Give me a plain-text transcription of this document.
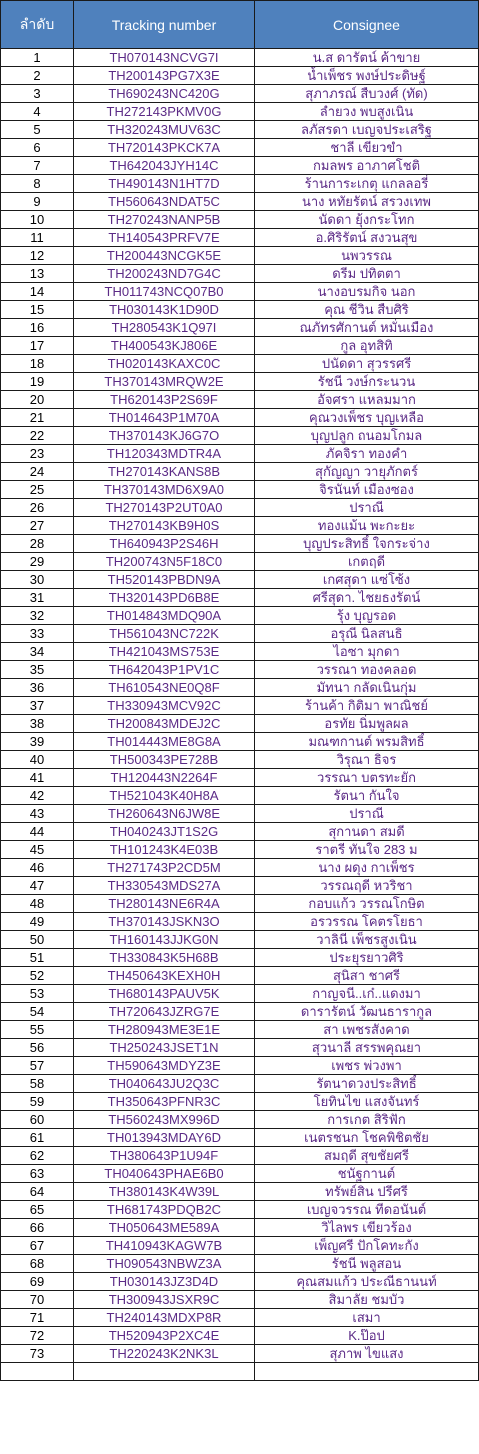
ลำดับ	Tracking number	Consignee
1	TH070143NCVG7I	น.ส ดารัตน์ ค้าขาย
2	TH200143PG7X3E	น้ำเพ็ชร พงษ์ประดิษฐ์
3	TH690243NC420G	สุภาภรณ์ สืบวงศ์ (ทัด)
4	TH272143PKMV0G	ลำยวง พบสูงเนิน
5	TH320243MUV63C	ลภัสรดา เบญจประเสริฐ
6	TH720143PKCK7A	ชาลี เขียวขำ
7	TH642043JYH14C	กมลพร อาภาศโชติ
8	TH490143N1HT7D	ร้านการะเกตุ แกลลอรี่
9	TH560643NDAT5C	นาง หทัยรัตน์ สรวงเทพ
10	TH270243NANP5B	นัดดา ยุ้งกระโทก
11	TH140543PRFV7E	อ.ศิริรัตน์ สงวนสุข
12	TH200443NCGK5E	นพวรรณ
13	TH200243ND7G4C	ดรีม ปทิตตา
14	TH011743NCQ07B0	นางอบรมกิจ นอก
15	TH030143K1D90D	คุณ ชีวิน สืบศิริ
16	TH280543K1Q97I	ณภัทรศักานต์ หมั่นเมือง
17	TH400543KJ806E	กูล อุทสิทิ
18	TH020143KAXC0C	ปนัดดา สุวรรศรี
19	TH370143MRQW2E	รัชนี วงษ์กระนวน
20	TH620143P2S69F	อัจศรา แหลมมาก
21	TH014643P1M70A	คุณวงเพ็ชร บุญเหลือ
22	TH370143KJ6G7O	บุญปลูก ถนอมโกมล
23	TH120343MDTR4A	ภัคจิรา ทองคำ
24	TH270143KANS8B	สุกัญญา วายุภักตร์
25	TH370143MD6X9A0	จิรนันท์ เมืองซอง
26	TH270143P2UT0A0	ปราณี
27	TH270143KB9H0S	ทองแม้น พะกะยะ
28	TH640943P2S46H	บุญประสิทธิ์ ใจกระจ่าง
29	TH200743N5F18C0	เกตฤดี
30	TH520143PBDN9A	เกศสุดา แซ่โซ้ง
31	TH320143PD6B8E	ศรีสุดา. ไชยธงรัตน์
32	TH014843MDQ90A	รุ้ง บุญรอด
33	TH561043NC722K	อรุณี นิลสนธิ
34	TH421043MS753E	ไอซา มุกดา
35	TH642043P1PV1C	วรรณา ทองคลอด
36	TH610543NE0Q8F	มัทนา กลัดเนินกุ่ม
37	TH330943MCV92C	ร้านค้า กิติมา พาณิชย์
38	TH200843MDEJ2C	อรทัย นิ่มพูลผล
39	TH014443ME8G8A	มณฑกานต์ พรมสิทธิ์
40	TH500343PE728B	วิรุณา ธิจร
41	TH120443N2264F	วรรณา บตรทะยัก
42	TH521043K40H8A	รัตนา กันใจ
43	TH260643N6JW8E	ปราณี
44	TH040243JT1S2G	สุกานดา สมดี
45	TH101243K4E03B	ราตรี ทันใจ 283 ม
46	TH271743P2CD5M	นาง ผดุง กาเพ็ชร
47	TH330543MDS27A	วรรณฤดี หวริชา
48	TH280143NE6R4A	กอบแก้ว วรรณโกษิต
49	TH370143JSKN3O	อรวรรณ โคตรโยธา
50	TH160143JJKG0N	วาลินี เพ็ชรสูงเนิน
51	TH330843K5H68B	ประยุรยาวศิริ
52	TH450643KEXH0H	สุนิสา ชาศรี
53	TH680143PAUV5K	กาญจนี..เก๋..แดงมา
54	TH720643JZRG7E	ดารารัตน์ วัฒนธารากูล
55	TH280943ME3E1E	สา เพชรสังคาด
56	TH250243JSET1N	สุวนาลี สรรพคุณยา
57	TH590643MDYZ3E	เพชร พ่วงพา
58	TH040643JU2Q3C	รัตนาดวงประสิทธิ์
59	TH350643PFNR3C	โยทินไข แสงจันทร์
60	TH560243MX996D	การเกต สิริฟัก
61	TH013943MDAY6D	เนตรชนก โชคพิชิตชัย
62	TH380643P1U94F	สมฤดี สุขชัยศรี
63	TH040643PHAE6B0	ชนัฐกานต์
64	TH380143K4W39L	ทรัพย์สิน ปรีศรี
65	TH681743PDQB2C	เบญจวรรณ ทีดอนันต์
66	TH050643ME589A	วิไลพร เขียวร้อง
67	TH410943KAGW7B	เพ็ญศรี ปักโคทะกัง
68	TH090543NBWZ3A	รัชนี พลูสอน
69	TH030143JZ3D4D	คุณสมแก้ว ประณีธานนท์
70	TH300943JSXR9C	สิมาลัย ชมบัว
71	TH240143MDXP8R	เสมา
72	TH520943P2XC4E	K.ป๊อป
73	TH220243K2NK3L	สุภาพ ไขแสง
